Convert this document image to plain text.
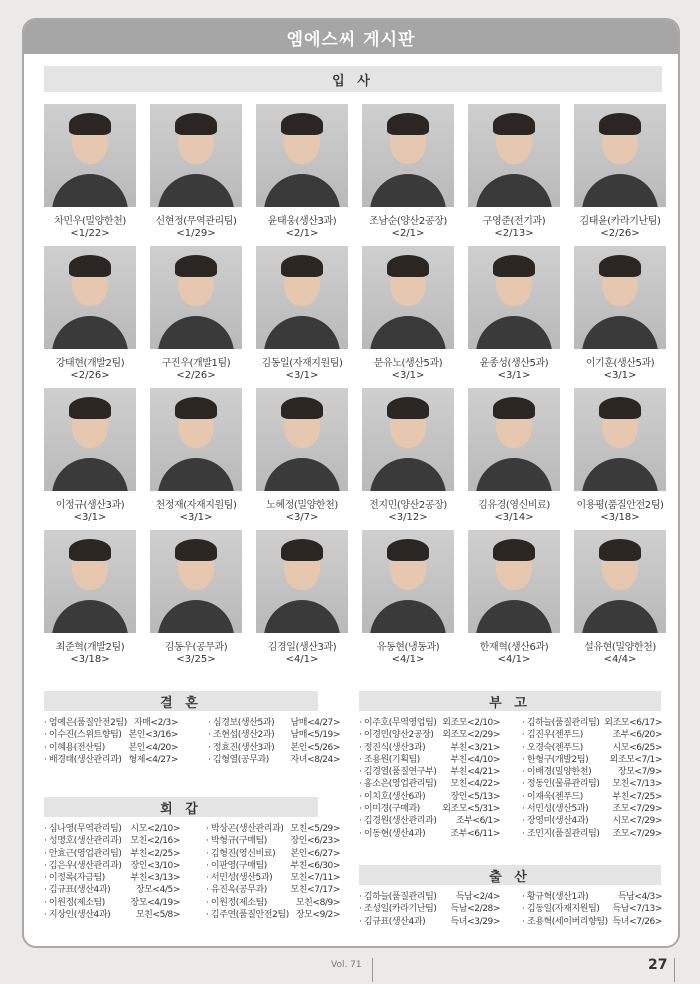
엠에스씨 게시판
입 사
차민우(밀양한천)
<1/22>
신현정(무역관리팀)
<1/29>
윤태웅(생산3과)
<2/1>
조남순(양산2공장)
<2/1>
구영준(전기과)
<2/13>
김태윤(카라기난팀)
<2/26>
강태현(개발2팀)
<2/26>
구진우(개발1팀)
<2/26>
김동일(자재지원팀)
<3/1>
문유노(생산5과)
<3/1>
윤종성(생산5과)
<3/1>
이기훈(생산5과)
<3/1>
이정규(생산3과)
<3/1>
천정재(자재지원팀)
<3/1>
노혜정(밀양한천)
<3/7>
전지민(양산2공장)
<3/12>
김유경(영신비료)
<3/14>
이용평(품질안전2팀)
<3/18>
최준혁(개발2팀)
<3/18>
김동우(공무과)
<3/25>
김경일(생산3과)
<4/1>
유동현(냉동과)
<4/1>
한재혁(생산6과)
<4/1>
설유현(밀양한천)
<4/4>
결 혼
· 엄예은(품질안전2팀) 자매<2/3>
· 이수진(스위트향팀) 본인<3/16>
· 이혜용(전산팀)	본인<4/20>
· 배경태(생산관리과) 형제<4/27>
· 심경보(생산5과) 남매<4/27>
· 조현섭(생산2과) 남매<5/19>
· 정효진(생산3과) 본인<5/26>
· 김형열(공무과) 자녀<8/24>
회 갑
· 심나영(무역관리팀) 시모<2/10>
· 성명호(생산관리과) 모친<2/16>
· 안효근(영업관리팀) 부친<2/25>
· 김은우(생산관리과) 장인<3/10>
· 이정록(자금팀)	부친<3/13>
· 김규표(생산4과)	장모<4/5>
· 이원정(제소팀)	장모<4/19>
· 지상인(생산4과)	모친<5/8>
· 박상곤(생산관리과) 모친<5/29>
· 박형규(구매팀)	장인<6/23>
· 김형진(영신비료) 본인<6/27>
· 이판영(구매팀)	부친<6/30>
· 서민성(생산5과) 모친<7/11>
· 유진옥(공무과)	모친<7/17>
· 이원정(제소팀)	모친<8/9>
· 김주연(품질안전2팀) 장모<9/2>
부 고
· 이주호(무역영업팀) 외조모<2/10>
· 이경민(양산2공장) 외조모<2/29>
· 정진식(생산3과)	부친<3/21>
· 조용원(기획팀)	부친<4/10>
· 김경열(품질연구부) 부친<4/21>
· 홍소은(영업관리팀) 모친<4/22>
· 이치호(생산6과)	장인<5/13>
· 이미경(구매과) 외조모<5/31>
· 김경원(생산관리과) 조부<6/1>
· 이동현(생산4과)	조부<6/11>
· 김하늘(품질관리팀) 외조모<6/17>
· 김진우(젠푸드)	조부<6/20>
· 오경숙(젠푸드)	시모<6/25>
· 한형구(개발2팀) 외조모<7/1>
· 이배경(밀양한천)	장모<7/9>
· 정동인(물류관리팀) 모친<7/13>
· 이재욱(젠푸드)	부친<7/25>
· 서민성(생산5과)	조모<7/29>
· 장영미(생산4과)	시모<7/29>
· 조민지(품질관리팀) 조모<7/29>
출 산
· 김하늘(품질관리팀) 득남<2/4>
· 조성일(카라기난팀) 득남<2/28>
· 김규표(생산4과)	득녀<3/29>
· 황규혁(생산1과)	득남<4/3>
· 김동일(자재지원팀) 득남<7/13>
· 조용혁(세이버리향팀) 득녀<7/26>
Vol. 71	27
